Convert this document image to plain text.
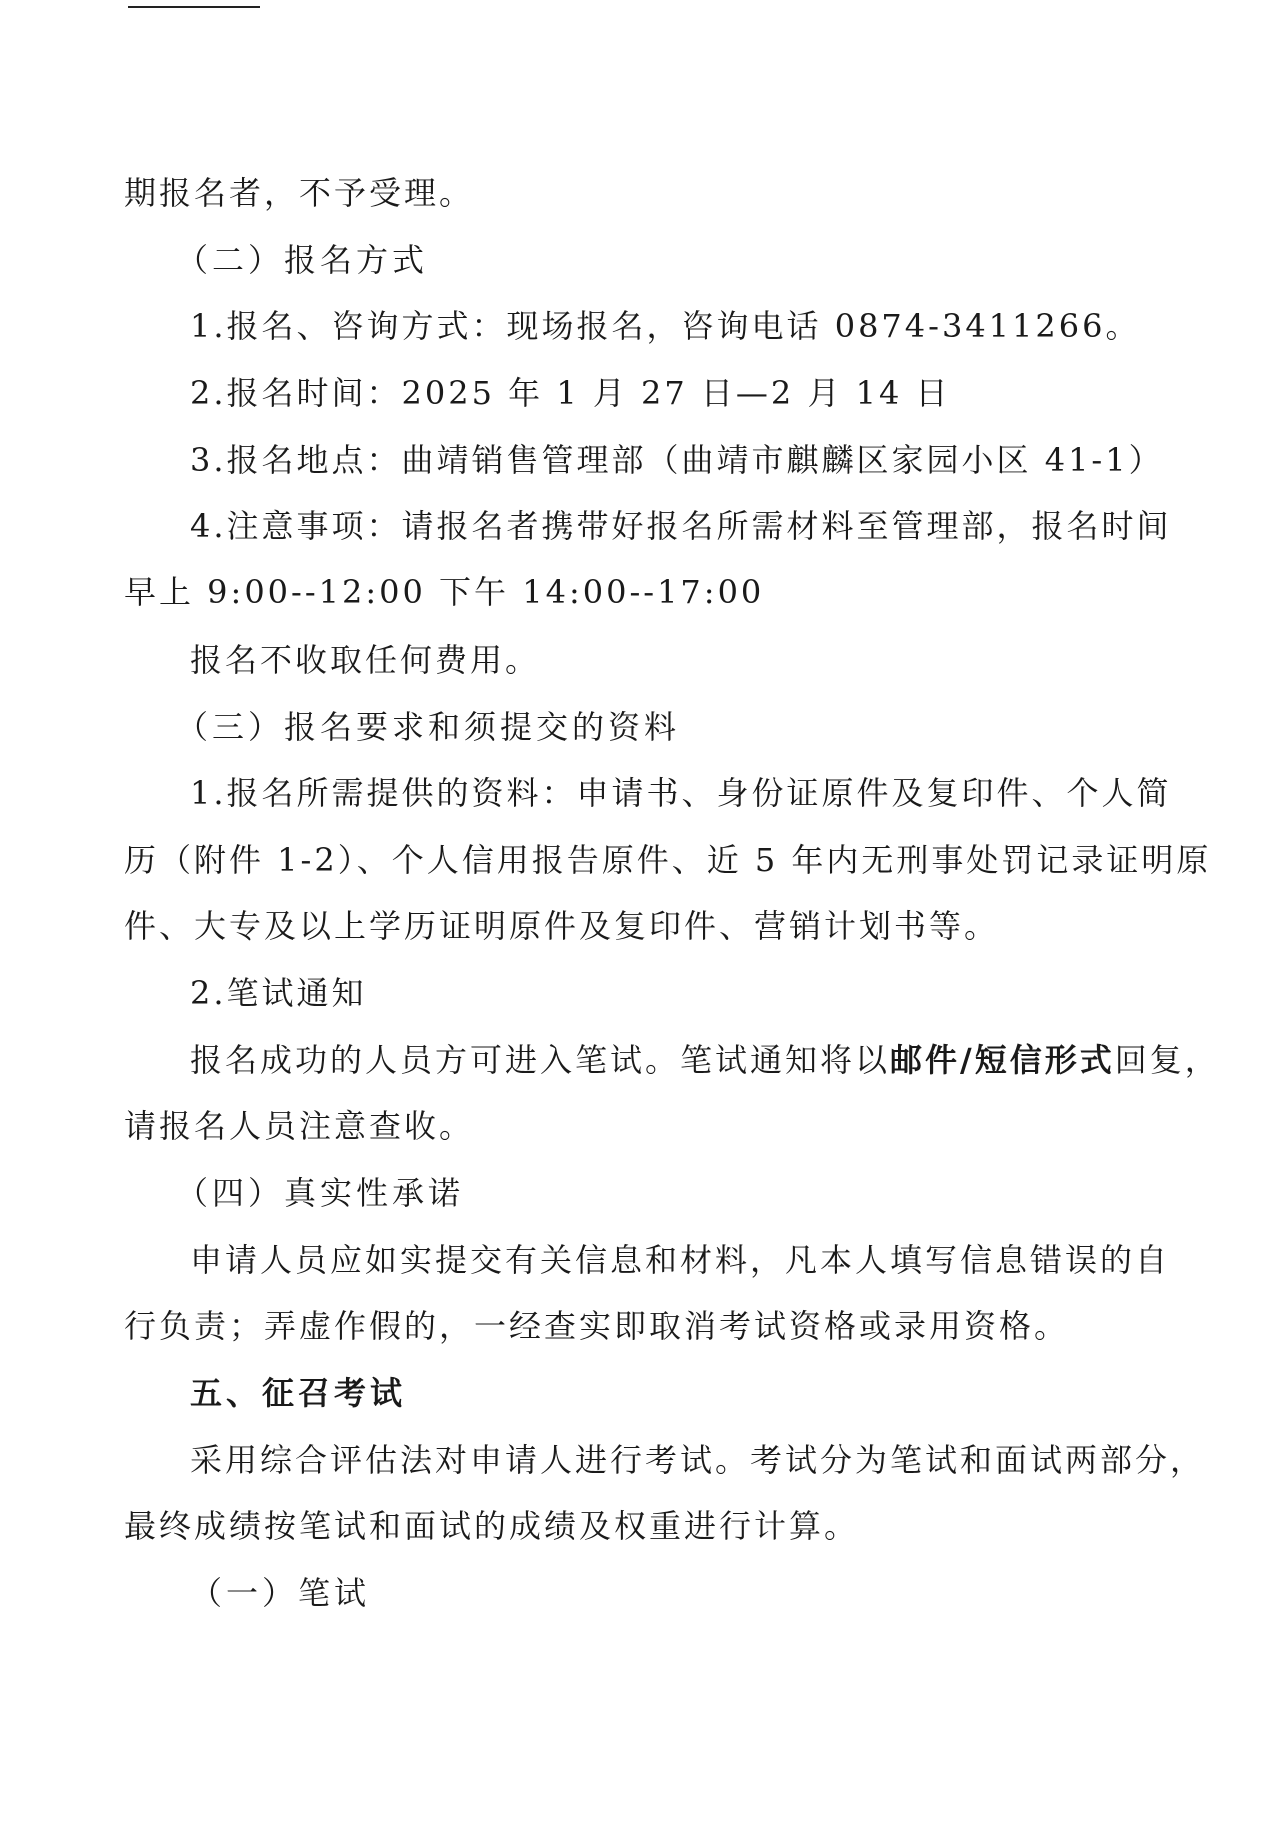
期报名者，不予受理。
（二）报名方式
1.报名、咨询方式：现场报名，咨询电话 0874-3411266。
2.报名时间：2025 年 1 月 27 日—2 月 14 日
3.报名地点：曲靖销售管理部（曲靖市麒麟区家园小区 41-1）
4.注意事项：请报名者携带好报名所需材料至管理部，报名时间
早上 9:00--12:00 下午 14:00--17:00
报名不收取任何费用。
（三）报名要求和须提交的资料
1.报名所需提供的资料：申请书、身份证原件及复印件、个人简
历（附件 1-2）、个人信用报告原件、近 5 年内无刑事处罚记录证明原
件、大专及以上学历证明原件及复印件、营销计划书等。
2.笔试通知
报名成功的人员方可进入笔试。笔试通知将以邮件/短信形式回复，
请报名人员注意查收。
（四）真实性承诺
申请人员应如实提交有关信息和材料，凡本人填写信息错误的自
行负责；弄虚作假的，一经查实即取消考试资格或录用资格。
五、征召考试
采用综合评估法对申请人进行考试。考试分为笔试和面试两部分，
最终成绩按笔试和面试的成绩及权重进行计算。
（一）笔试
